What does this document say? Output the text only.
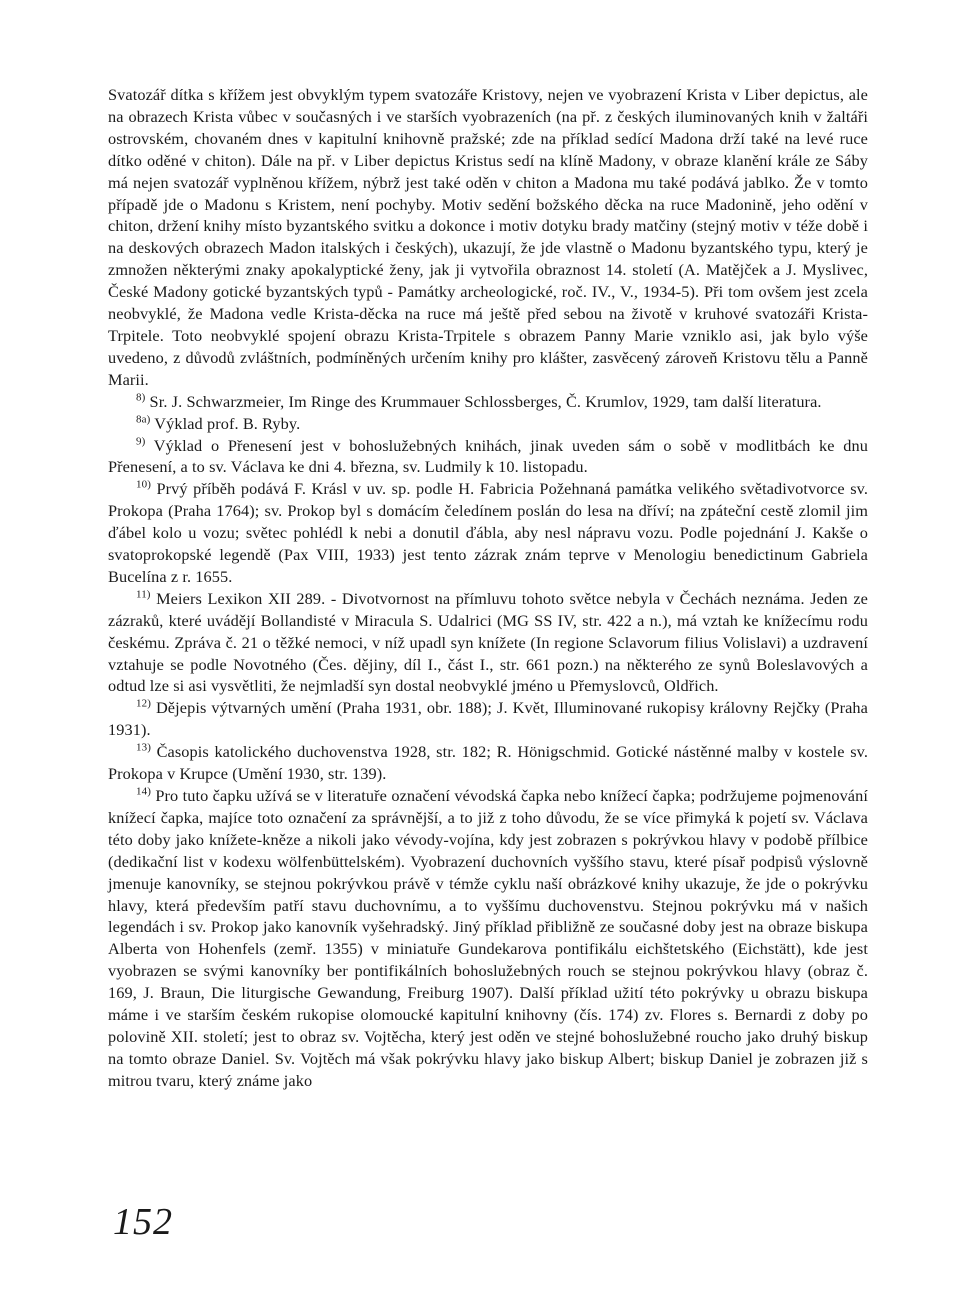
Svatozář dítka s křížem jest obvyklým typem svatozáře Kristovy, nejen ve vyobrazení Krista v Liber depictus, ale na obrazech Krista vůbec v současných i ve starších vyobrazeních (na př. z českých iluminovaných knih v žaltáři ostrovském, chovaném dnes v kapitulní knihovně pražské; zde na příklad sedící Madona drží také na levé ruce dítko oděné v chiton). Dále na př. v Liber depictus Kristus sedí na klíně Madony, v obraze klanění krále ze Sáby má nejen svatozář vyplněnou křížem, nýbrž jest také oděn v chiton a Madona mu také podává jablko. Že v tomto případě jde o Madonu s Kristem, není pochyby. Motiv sedění božského děcka na ruce Madonině, jeho odění v chiton, držení knihy místo byzantského svitku a dokonce i motiv dotyku brady matčiny (stejný motiv v téže době i na deskových obrazech Madon italských i českých), ukazují, že jde vlastně o Madonu byzantského typu, který je zmnožen některými znaky apokalyptické ženy, jak ji vytvořila obraznost 14. století (A. Matějček a J. Myslivec, České Madony gotické byzantských typů - Památky archeologické, roč. IV., V., 1934-5). Při tom ovšem jest zcela neobvyklé, že Madona vedle Krista-děcka na ruce má ještě před sebou na životě v kruhové svatozáři Krista-Trpitele. Toto neobvyklé spojení obrazu Krista-Trpitele s obrazem Panny Marie vzniklo asi, jak bylo výše uvedeno, z důvodů zvláštních, podmíněných určením knihy pro klášter, zasvěcený zároveň Kristovu tělu a Panně Marii.

$^{8)}$ Sr. J. Schwarzmeier, Im Ringe des Krummauer Schlossberges, Č. Krumlov, 1929, tam další literatura.

$^{8a)}$ Výklad prof. B. Ryby.

$^{9)}$ Výklad o Přenesení jest v bohoslužebných knihách, jinak uveden sám o sobě v modlitbách ke dnu Přenesení, a to sv. Václava ke dni 4. března, sv. Ludmily k 10. listopadu.

$^{10)}$ Prvý příběh podává F. Krásl v uv. sp. podle H. Fabricia Požehnaná památka velikého světadivotvorce sv. Prokopa (Praha 1764); sv. Prokop byl s domácím čeledínem poslán do lesa na dříví; na zpáteční cestě zlomil jim ďábel kolo u vozu; světec pohlédl k nebi a donutil ďábla, aby nesl nápravu vozu. Podle pojednání J. Kakše o svatoprokopské legendě (Pax VIII, 1933) jest tento zázrak znám teprve v Menologiu benedictinum Gabriela Bucelína z r. 1655.

$^{11)}$ Meiers Lexikon XII 289. - Divotvornost na přímluvu tohoto světce nebyla v Čechách neznáma. Jeden ze zázraků, které uvádějí Bollandisté v Miracula S. Udalrici (MG SS IV, str. 422 a n.), má vztah ke knížecímu rodu českému. Zpráva č. 21 o těžké nemoci, v níž upadl syn knížete (In regione Sclavorum filius Volislavi) a uzdravení vztahuje se podle Novotného (Čes. dějiny, díl I., část I., str. 661 pozn.) na některého ze synů Boleslavových a odtud lze si asi vysvětliti, že nejmladší syn dostal neobvyklé jméno u Přemyslovců, Oldřich.

$^{12)}$ Dějepis výtvarných umění (Praha 1931, obr. 188); J. Květ, Illuminované rukopisy královny Rejčky (Praha 1931).

$^{13)}$ Časopis katolického duchovenstva 1928, str. 182; R. Hönigschmid. Gotické nástěnné malby v kostele sv. Prokopa v Krupce (Umění 1930, str. 139).

$^{14)}$ Pro tuto čapku užívá se v literatuře označení vévodská čapka nebo knížecí čapka; podržujeme pojmenování knížecí čapka, majíce toto označení za správnější, a to již z toho důvodu, že se více přimyká k pojetí sv. Václava této doby jako knížete-kněze a nikoli jako vévody-vojína, kdy jest zobrazen s pokrývkou hlavy v podobě přílbice (dedikační list v kodexu wölfenbüttelském). Vyobrazení duchovních vyššího stavu, které písař podpisů výslovně jmenuje kanovníky, se stejnou pokrývkou právě v témže cyklu naší obrázkové knihy ukazuje, že jde o pokrývku hlavy, která především patří stavu duchovnímu, a to vyššímu duchovenstvu. Stejnou pokrývku má v našich legendách i sv. Prokop jako kanovník vyšehradský. Jiný příklad přibližně ze současné doby jest na obraze biskupa Alberta von Hohenfels (zemř. 1355) v miniatuře Gundekarova pontifikálu eichštetského (Eichstätt), kde jest vyobrazen se svými kanovníky ber pontifikálních bohoslužebných rouch se stejnou pokrývkou hlavy (obraz č. 169, J. Braun, Die liturgische Gewandung, Freiburg 1907). Další příklad užití této pokrývky u obrazu biskupa máme i ve starším českém rukopise olomoucké kapitulní knihovny (čís. 174) zv. Flores s. Bernardi z doby po polovině XII. století; jest to obraz sv. Vojtěcha, který jest oděn ve stejné bohoslužebné roucho jako druhý biskup na tomto obraze Daniel. Sv. Vojtěch má však pokrývku hlavy jako biskup Albert; biskup Daniel je zobrazen již s mitrou tvaru, který známe jako

152
